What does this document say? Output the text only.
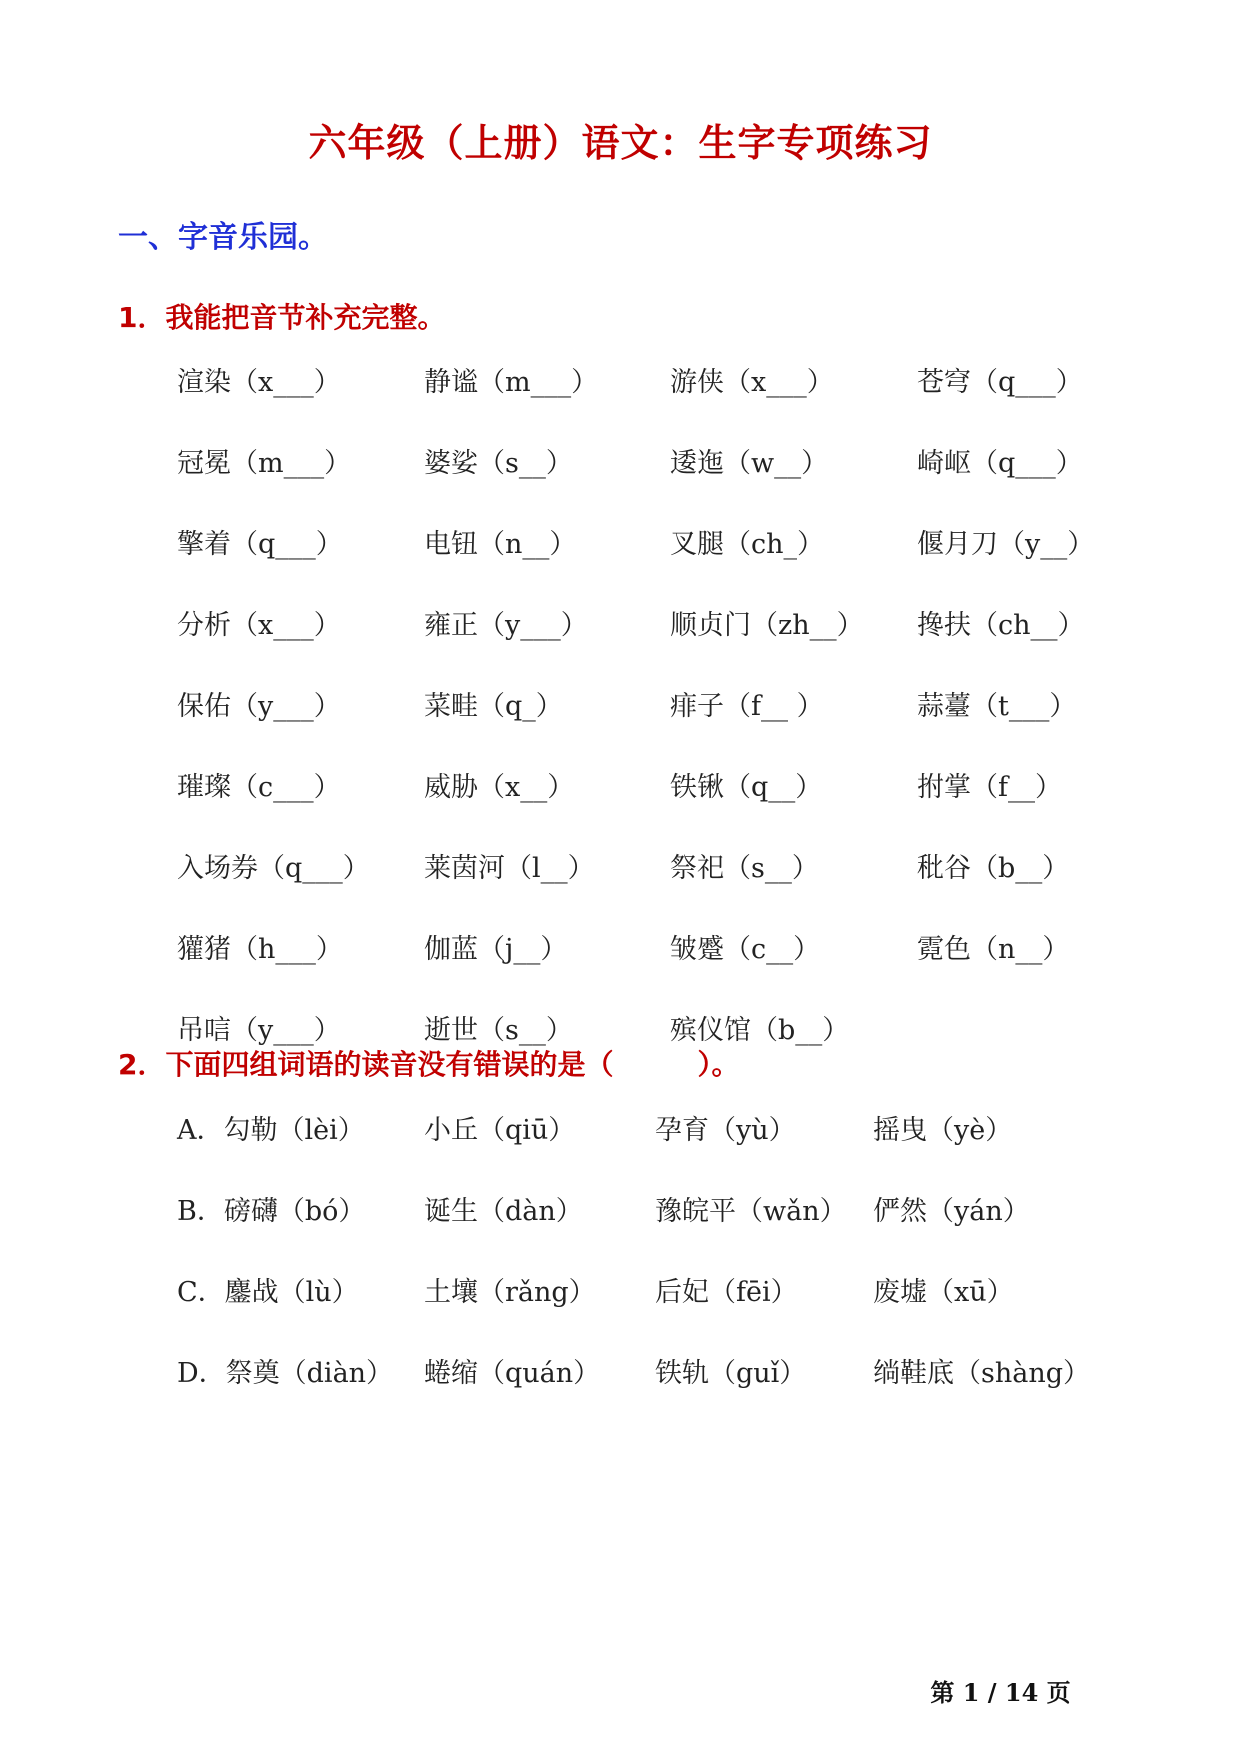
六年级（上册）语文：生字专项练习
一、字音乐园。
1．我能把音节补充完整。
2．下面四组词语的读音没有错误的是（　　　）。
渲染（x___）	静谧（m___）	游侠（x___）	苍穹（q___）
冠冕（m___）	婆娑（s__）	逶迤（w__）	崎岖（q___）
擎着（q___）	电钮（n__）	叉腿（ch_）	偃月刀（y__）
分析（x___）	雍正（y___）	顺贞门（zh__） 搀扶（ch__）
保佑（y___）	菜畦（q_）	痱子（f__ ）	蒜薹（t___）
璀璨（c___）	威胁（x__）	铁锹（q__）	拊掌（f__）
入场券（q___） 莱茵河（l__）	祭祀（s__）	秕谷（b__）
獾猪（h___）	伽蓝（j__）	皱蹙（c__）	霓色（n__）
吊唁（y___）	逝世（s__）	殡仪馆（b__）
A．勾勒（lèi） 小丘（qiū）	孕育（yù）	摇曳（yè）
B．磅礴（bó） 诞生（dàn）	豫皖平（wǎn） 俨然（yán）
C．鏖战（lù） 土壤（rǎng） 后妃（fēi）	废墟（xū）
D．祭奠（diàn） 蜷缩（quán） 铁轨（guǐ） 绱鞋底（shàng）
第 1 / 14 页
